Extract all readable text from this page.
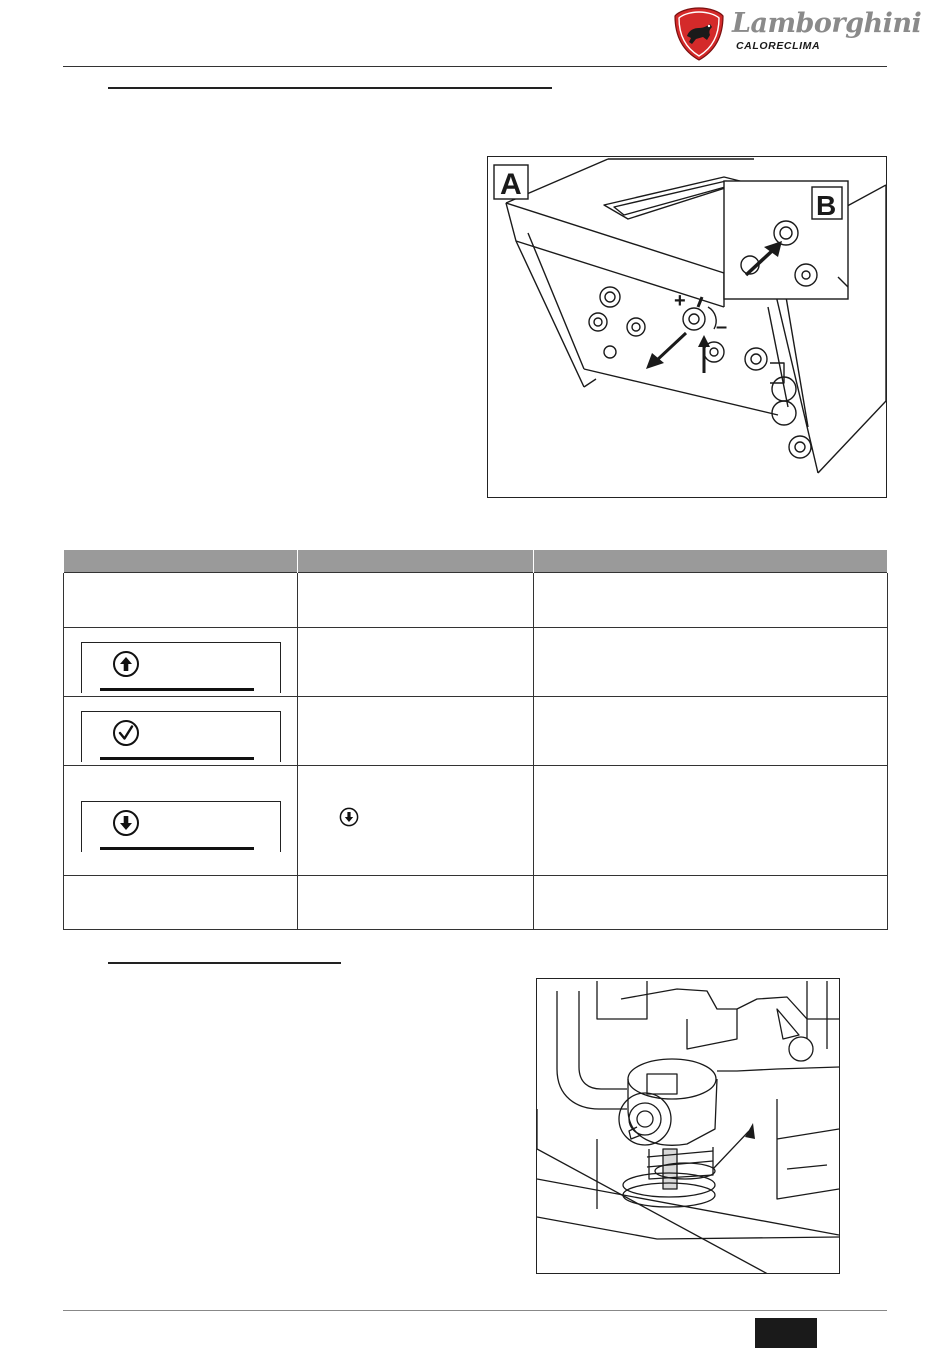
Lamborghini
CALORECLIMA
+
–
A
B
